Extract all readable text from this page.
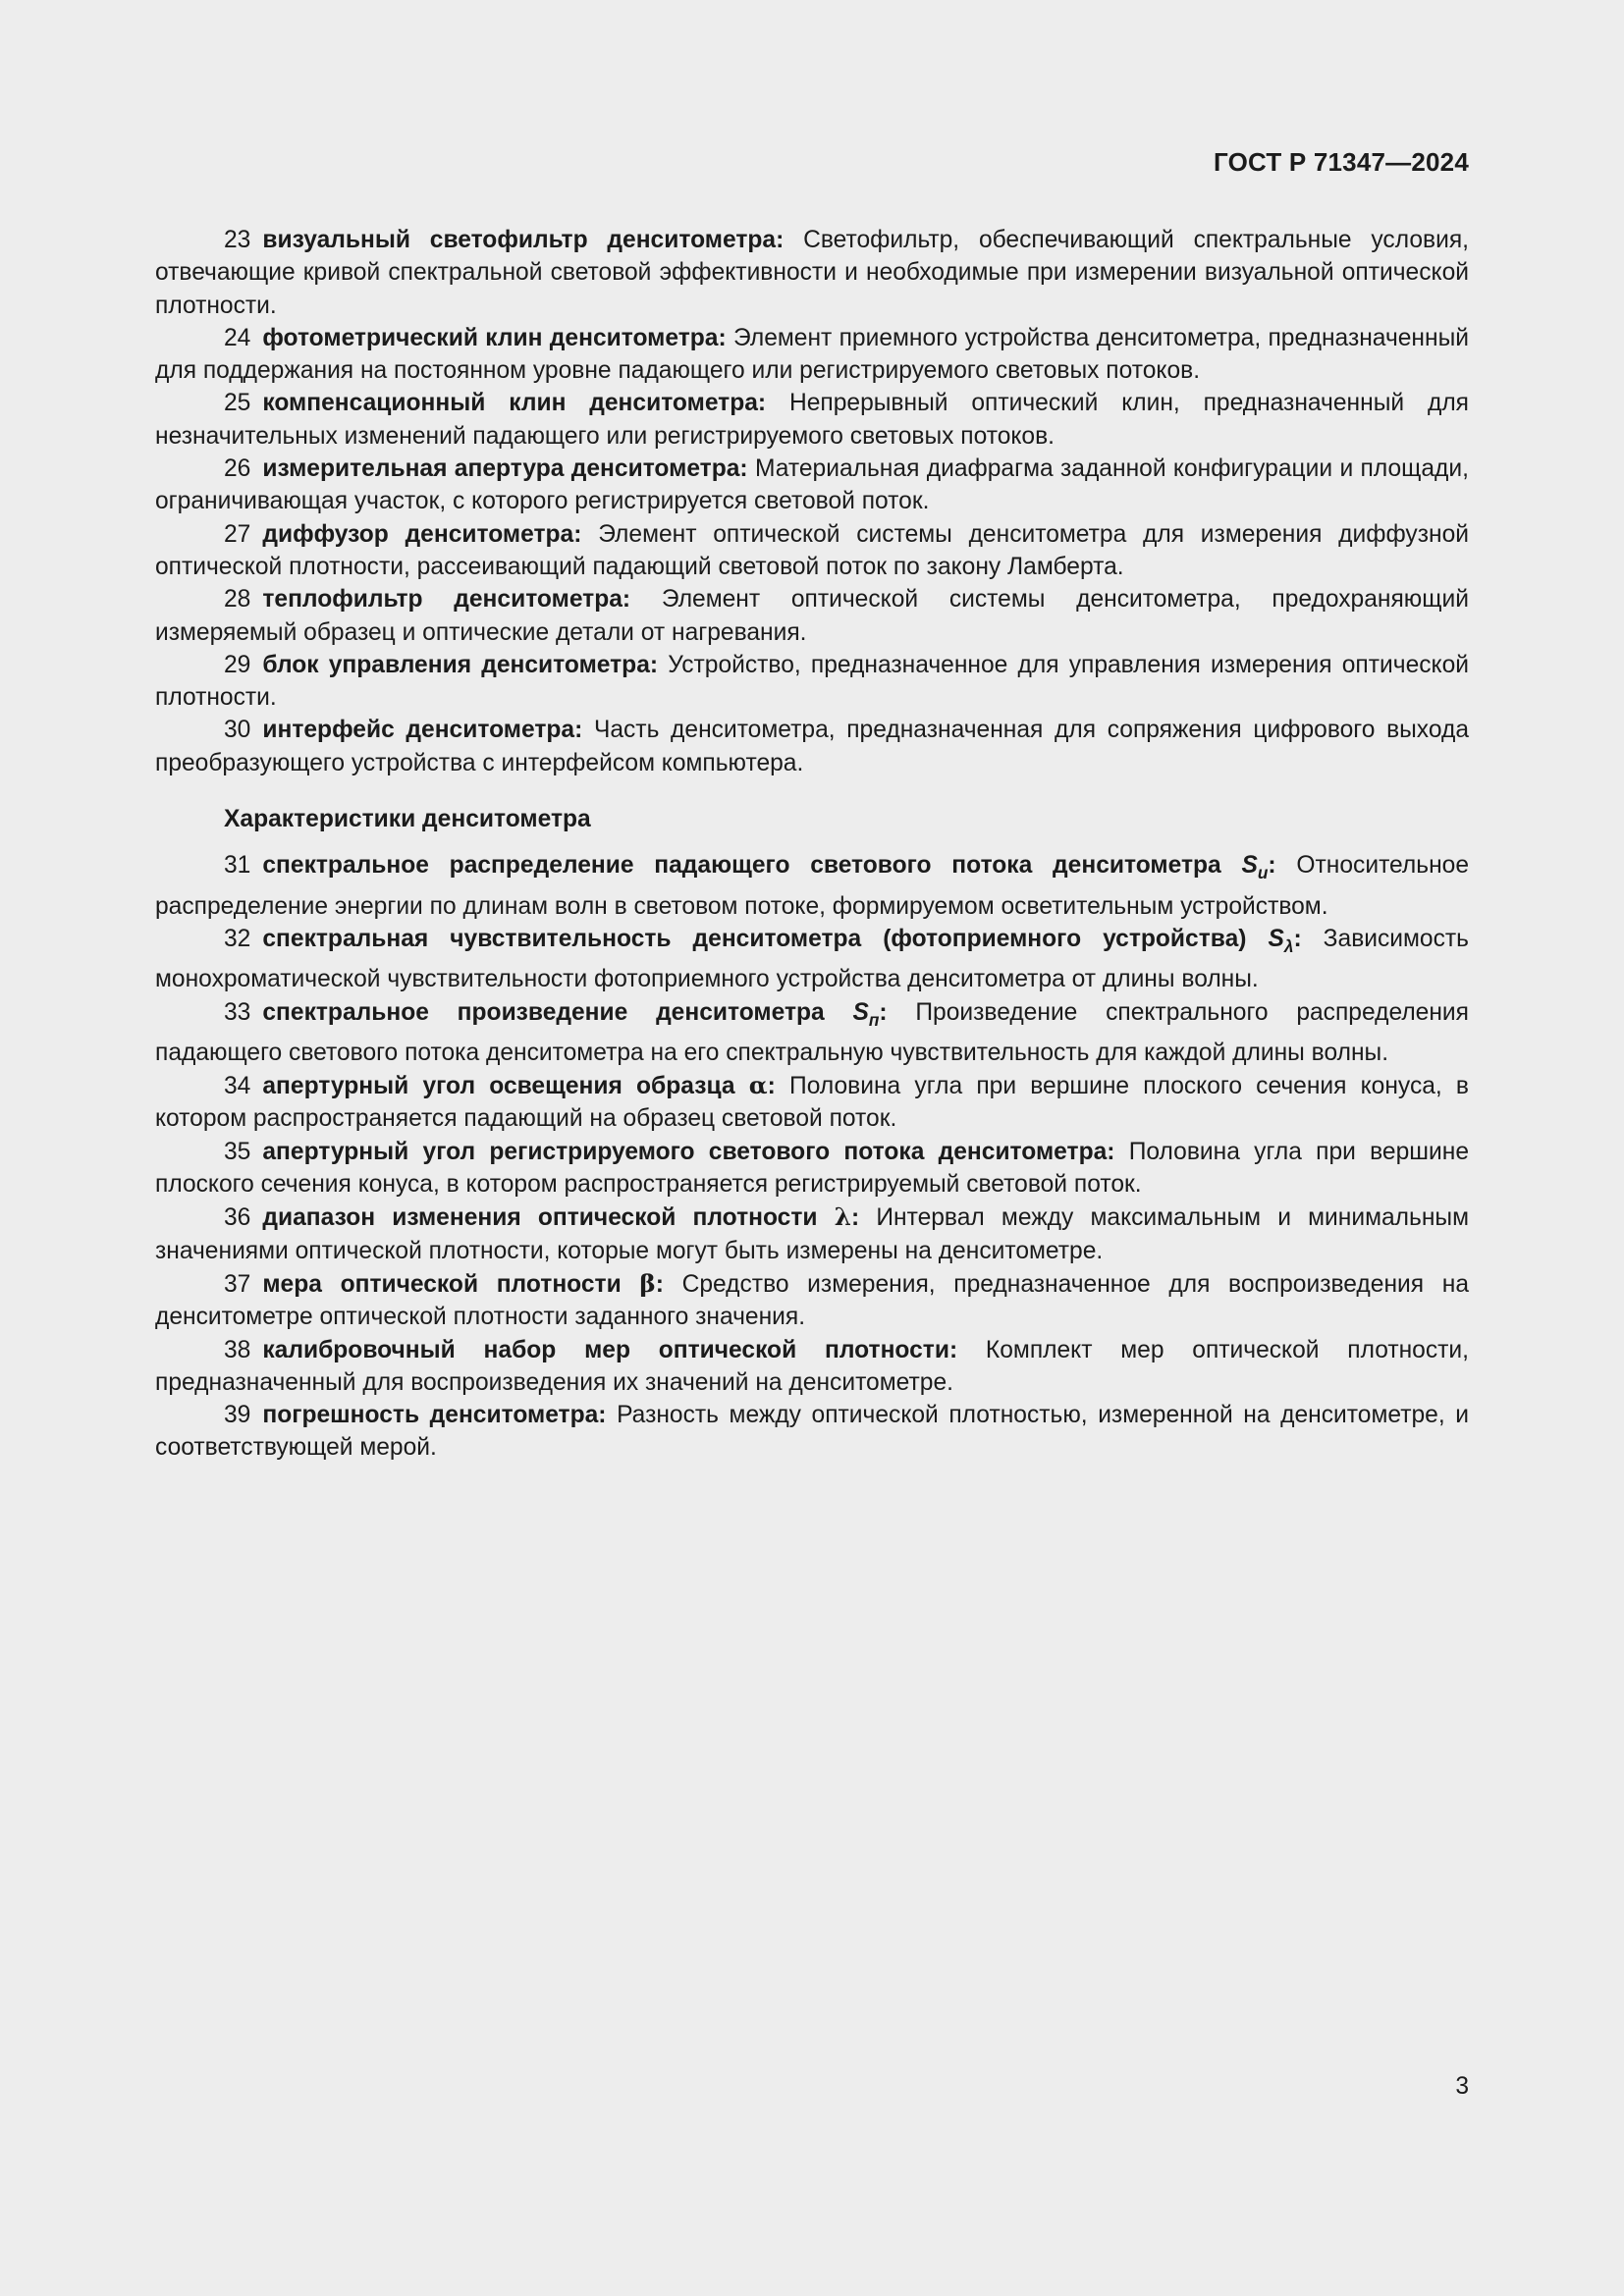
ГОСТ Р 71347—2024

23 визуальный светофильтр денситометра: Светофильтр, обеспечивающий спектральные условия, отвечающие кривой спектральной световой эффективности и необходимые при измерении визуальной оптической плотности.

24 фотометрический клин денситометра: Элемент приемного устройства денситометра, предназначенный для поддержания на постоянном уровне падающего или регистрируемого световых потоков.

25 компенсационный клин денситометра: Непрерывный оптический клин, предназначенный для незначительных изменений падающего или регистрируемого световых потоков.

26 измерительная апертура денситометра: Материальная диафрагма заданной конфигурации и площади, ограничивающая участок, с которого регистрируется световой поток.

27 диффузор денситометра: Элемент оптической системы денситометра для измерения диффузной оптической плотности, рассеивающий падающий световой поток по закону Ламберта.

28 теплофильтр денситометра: Элемент оптической системы денситометра, предохраняющий измеряемый образец и оптические детали от нагревания.

29 блок управления денситометра: Устройство, предназначенное для управления измерения оптической плотности.

30 интерфейс денситометра: Часть денситометра, предназначенная для сопряжения цифрового выхода преобразующего устройства с интерфейсом компьютера.

Характеристики денситометра

31 спектральное распределение падающего светового потока денситометра $S_u$: Относительное распределение энергии по длинам волн в световом потоке, формируемом осветительным устройством.

32 спектральная чувствительность денситометра (фотоприемного устройства) $S_\lambda$: Зависимость монохроматической чувствительности фотоприемного устройства денситометра от длины волны.

33 спектральное произведение денситометра $S_п$: Произведение спектрального распределения падающего светового потока денситометра на его спектральную чувствительность для каждой длины волны.

34 апертурный угол освещения образца α: Половина угла при вершине плоского сечения конуса, в котором распространяется падающий на образец световой поток.

35 апертурный угол регистрируемого светового потока денситометра: Половина угла при вершине плоского сечения конуса, в котором распространяется регистрируемый световой поток.

36 диапазон изменения оптической плотности λ: Интервал между максимальным и минимальным значениями оптической плотности, которые могут быть измерены на денситометре.

37 мера оптической плотности β: Средство измерения, предназначенное для воспроизведения на денситометре оптической плотности заданного значения.

38 калибровочный набор мер оптической плотности: Комплект мер оптической плотности, предназначенный для воспроизведения их значений на денситометре.

39 погрешность денситометра: Разность между оптической плотностью, измеренной на денситометре, и соответствующей мерой.

3
